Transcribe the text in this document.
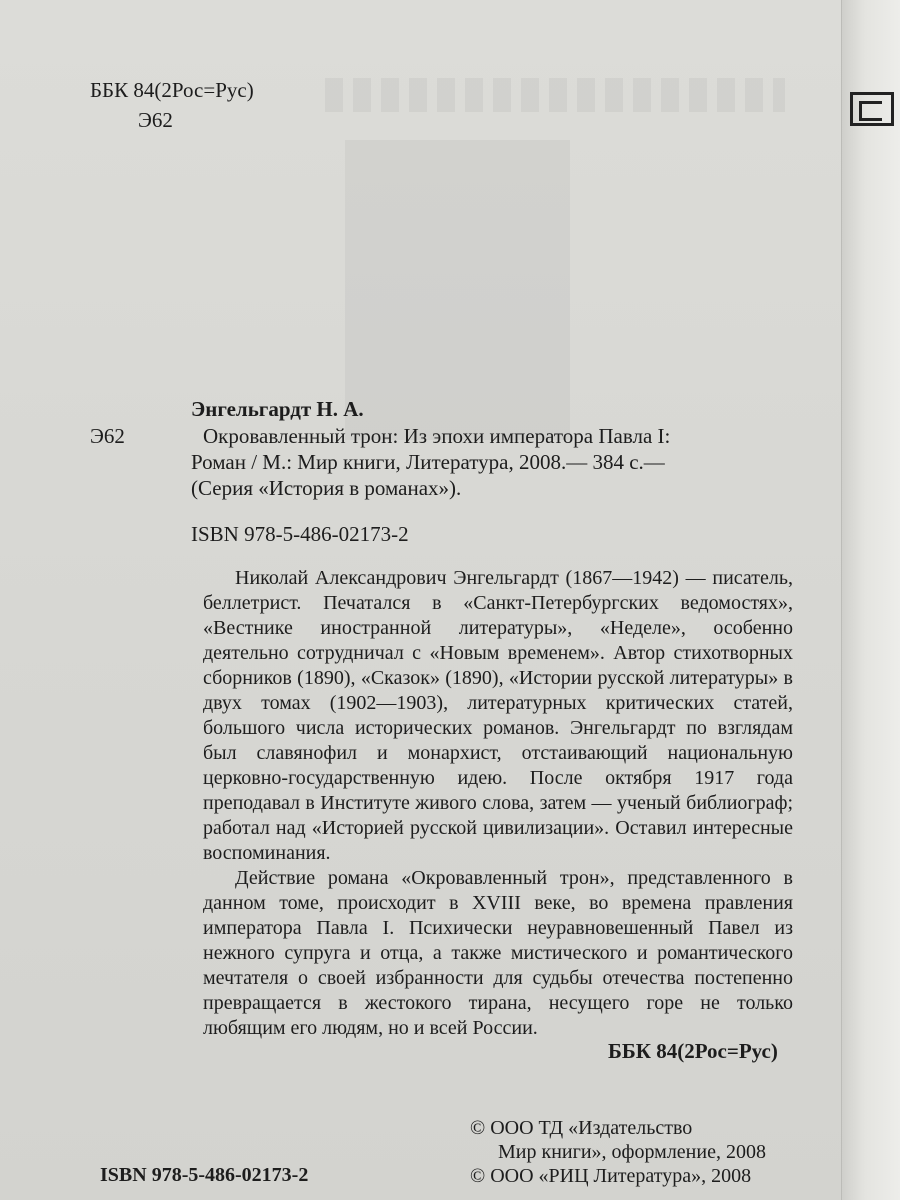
ББК 84(2Рос=Рус)
Э62
Энгельгардт Н. А.
Э62	Окровавленный трон: Из эпохи императора Павла I:
Роман / М.: Мир книги, Литература, 2008.— 384 с.—
(Серия «История в романах»).
ISBN 978-5-486-02173-2

Николай Александрович Энгельгардт (1867—1942) — писатель, беллетрист. Печатался в «Санкт-Петербургских ведомостях», «Вестнике иностранной литературы», «Неделе», особенно деятельно сотрудничал с «Новым временем». Автор стихотворных сборников (1890), «Сказок» (1890), «Истории русской литературы» в двух томах (1902—1903), литературных критических статей, большого числа исторических романов. Энгельгардт по взглядам был славянофил и монархист, отстаивающий национальную церковно-государственную идею. После октября 1917 года преподавал в Институте живого слова, затем — ученый библиограф; работал над «Историей русской цивилизации». Оставил интересные воспоминания.

Действие романа «Окровавленный трон», представленного в данном томе, происходит в XVIII веке, во времена правления императора Павла I. Психически неуравновешенный Павел из нежного супруга и отца, а также мистического и романтического мечтателя о своей избранности для судьбы отечества постепенно превращается в жестокого тирана, несущего горе не только любящим его людям, но и всей России.

ББК 84(2Рос=Рус)
© ООО ТД «Издательство
Мир книги», оформление, 2008
© ООО «РИЦ Литература», 2008
ISBN 978-5-486-02173-2
